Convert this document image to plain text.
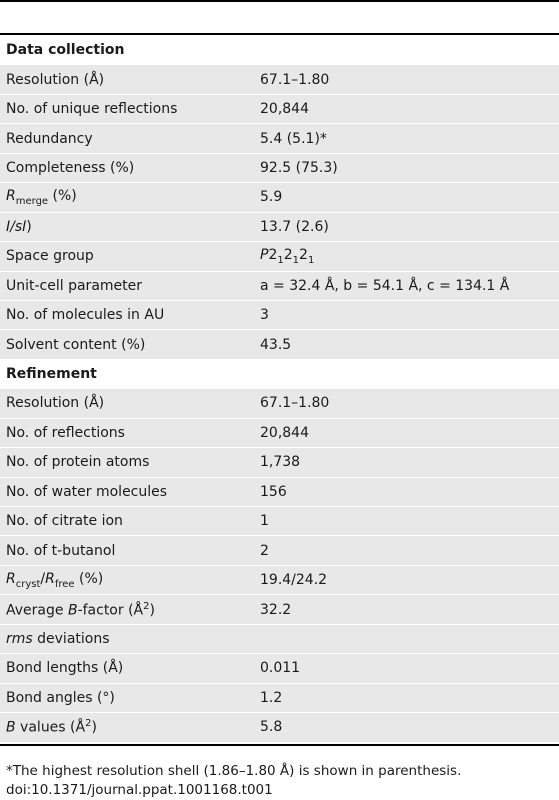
Data collection
Resolution (Å)	67.1–1.80
No. of unique reflections	20,844
Redundancy	5.4 (5.1)*
Completeness (%)	92.5 (75.3)
$R_{merge}$ (%)	5.9
I/sI)	13.7 (2.6)
Space group	$P2_12_12_1$
Unit-cell parameter	a = 32.4 Å, b = 54.1 Å, c = 134.1 Å
No. of molecules in AU	3
Solvent content (%)	43.5
Refinement
Resolution (Å)	67.1–1.80
No. of reflections	20,844
No. of protein atoms	1,738
No. of water molecules	156
No. of citrate ion	1
No. of t-butanol	2
$R_{cryst}/R_{free}$ (%)	19.4/24.2
Average B-factor $(Å^2)$	32.2
rms deviations
Bond lengths (Å)	0.011
Bond angles (°)	1.2
B values $(Å^2)$	5.8
*The highest resolution shell (1.86–1.80 Å) is shown in parenthesis.
doi:10.1371/journal.ppat.1001168.t001
